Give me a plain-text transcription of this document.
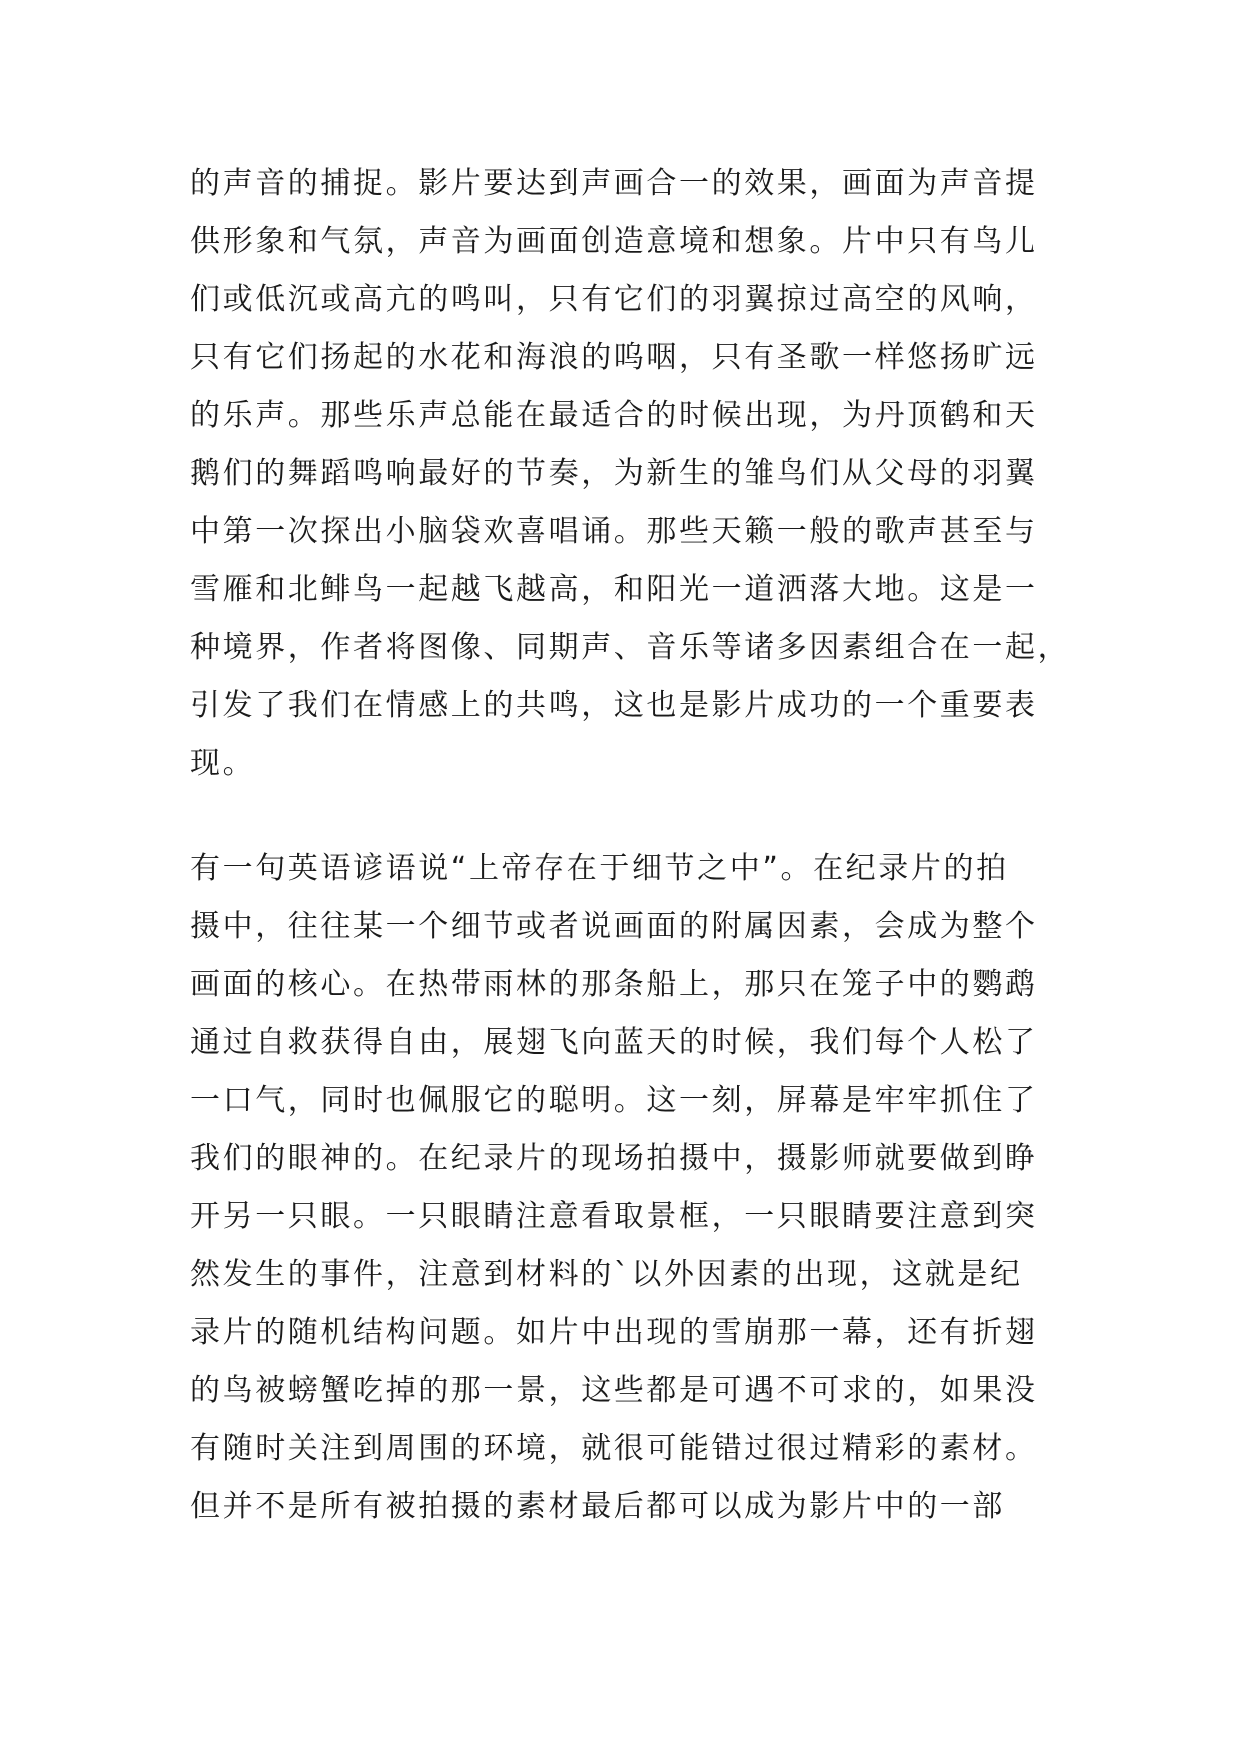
的声音的捕捉。影片要达到声画合一的效果，画面为声音提
供形象和气氛，声音为画面创造意境和想象。片中只有鸟儿
们或低沉或高亢的鸣叫，只有它们的羽翼掠过高空的风响，
只有它们扬起的水花和海浪的呜咽，只有圣歌一样悠扬旷远
的乐声。那些乐声总能在最适合的时候出现，为丹顶鹤和天
鹅们的舞蹈鸣响最好的节奏，为新生的雏鸟们从父母的羽翼
中第一次探出小脑袋欢喜唱诵。那些天籁一般的歌声甚至与
雪雁和北鲱鸟一起越飞越高，和阳光一道洒落大地。这是一
种境界，作者将图像、同期声、音乐等诸多因素组合在一起，
引发了我们在情感上的共鸣，这也是影片成功的一个重要表
现。
有一句英语谚语说“上帝存在于细节之中”。在纪录片的拍
摄中，往往某一个细节或者说画面的附属因素，会成为整个
画面的核心。在热带雨林的那条船上，那只在笼子中的鹦鹉
通过自救获得自由，展翅飞向蓝天的时候，我们每个人松了
一口气，同时也佩服它的聪明。这一刻，屏幕是牢牢抓住了
我们的眼神的。在纪录片的现场拍摄中，摄影师就要做到睁
开另一只眼。一只眼睛注意看取景框，一只眼睛要注意到突
然发生的事件，注意到材料的`以外因素的出现，这就是纪
录片的随机结构问题。如片中出现的雪崩那一幕，还有折翅
的鸟被螃蟹吃掉的那一景，这些都是可遇不可求的，如果没
有随时关注到周围的环境，就很可能错过很过精彩的素材。
但并不是所有被拍摄的素材最后都可以成为影片中的一部
